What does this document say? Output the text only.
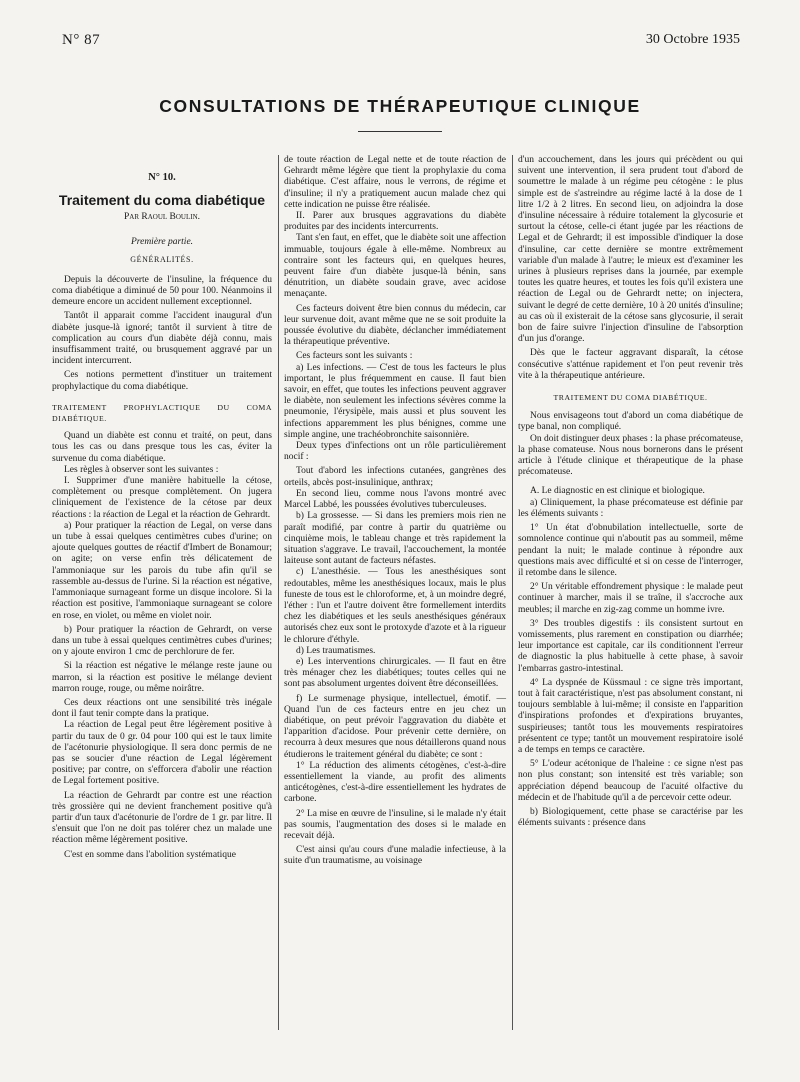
N° 87	30 Octobre 1935
CONSULTATIONS DE THÉRAPEUTIQUE CLINIQUE

N° 10.

Traitement du coma diabétique

Par Raoul Boulin.

Première partie.

GÉNÉRALITÉS.

Depuis la découverte de l'insuline, la fréquence du coma diabétique a diminué de 50 pour 100. Néanmoins il demeure encore un accident nullement exceptionnel.

Tantôt il apparait comme l'accident inaugural d'un diabète jusque-là ignoré; tantôt il survient à titre de complication au cours d'un diabète déjà connu, mais insuffisamment traité, ou brusquement aggravé par un incident intercurrent.

Ces notions permettent d'instituer un traitement prophylactique du coma diabétique.

TRAITEMENT PROPHYLACTIQUE DU COMA DIABÉTIQUE.

Quand un diabète est connu et traité, on peut, dans tous les cas ou dans presque tous les cas, éviter la survenue du coma diabétique.

Les règles à observer sont les suivantes :

I. Supprimer d'une manière habituelle la cétose, complètement ou presque complètement. On jugera cliniquement de l'existence de la cétose par deux réactions : la réaction de Legal et la réaction de Gehrardt.

a) Pour pratiquer la réaction de Legal, on verse dans un tube à essai quelques centimètres cubes d'urine; on ajoute quelques gouttes de réactif d'Imbert de Bonamour; on agite; on verse enfin très délicatement de l'ammoniaque sur les parois du tube afin qu'il se rassemble au-dessus de l'urine. Si la réaction est négative, l'ammoniaque surnageant forme un disque incolore. Si la réaction est positive, l'ammoniaque surnageant se colore en rose, en violet, ou même en violet noir.

b) Pour pratiquer la réaction de Gehrardt, on verse dans un tube à essai quelques centimètres cubes d'urines; on y ajoute environ 1 cmc de perchlorure de fer.

Si la réaction est négative le mélange reste jaune ou marron, si la réaction est positive le mélange devient marron rouge, rouge, ou même noirâtre.

Ces deux réactions ont une sensibilité très inégale dont il faut tenir compte dans la pratique.

La réaction de Legal peut être légèrement positive à partir du taux de 0 gr. 04 pour 100 qui est le taux limite de l'acétonurie physiologique. Il sera donc permis de ne pas se soucier d'une réaction de Legal légèrement positive; par contre, on s'efforcera d'abolir une réaction de Legal fortement positive.

La réaction de Gehrardt par contre est une réaction très grossière qui ne devient franchement positive qu'à partir d'un taux d'acétonurie de l'ordre de 1 gr. par litre. Il s'ensuit que l'on ne doit pas tolérer chez un malade une réaction même légèrement positive.

C'est en somme dans l'abolition systématique

de toute réaction de Legal nette et de toute réaction de Gehrardt même légère que tient la prophylaxie du coma diabétique. C'est affaire, nous le verrons, de régime et d'insuline; il n'y a pratiquement aucun malade chez qui cette indication ne puisse être réalisée.

II. Parer aux brusques aggravations du diabète produites par des incidents intercurrents.

Tant s'en faut, en effet, que le diabète soit une affection immuable, toujours égale à elle-même. Nombreux au contraire sont les facteurs qui, en quelques heures, peuvent faire d'un diabète jusque-là bénin, sans dénutrition, un diabète soudain grave, avec acidose menaçante.

Ces facteurs doivent être bien connus du médecin, car leur survenue doit, avant même que ne se soit produite la poussée évolutive du diabète, déclancher immédiatement la thérapeutique préventive.

Ces facteurs sont les suivants :

a) Les infections. — C'est de tous les facteurs le plus important, le plus fréquemment en cause. Il faut bien savoir, en effet, que toutes les infections peuvent aggraver le diabète, non seulement les infections sévères comme la pneumonie, l'érysipèle, mais aussi et plus souvent les infections apparemment les plus bénignes, comme une simple angine, une trachéobronchite saisonnière.

Deux types d'infections ont un rôle particulièrement nocif :

Tout d'abord les infections cutanées, gangrènes des orteils, abcès post-insulinique, anthrax;

En second lieu, comme nous l'avons montré avec Marcel Labbé, les poussées évolutives tuberculeuses.

b) La grossesse. — Si dans les premiers mois rien ne paraît modifié, par contre à partir du quatrième ou cinquième mois, le tableau change et très rapidement la situation s'aggrave. Le travail, l'accouchement, la montée laiteuse sont autant de facteurs néfastes.

c) L'anesthésie. — Tous les anesthésiques sont redoutables, même les anesthésiques locaux, mais le plus funeste de tous est le chloroforme, et, à un moindre degré, l'éther : l'un et l'autre doivent être formellement interdits chez les diabétiques et les seuls anesthésiques généraux autorisés chez eux sont le protoxyde d'azote et à la rigueur le chlorure d'éthyle.

d) Les traumatismes.

e) Les interventions chirurgicales. — Il faut en être très ménager chez les diabétiques; toutes celles qui ne sont pas absolument urgentes doivent être déconseillées.

f) Le surmenage physique, intellectuel, émotif. — Quand l'un de ces facteurs entre en jeu chez un diabétique, on peut prévoir l'aggravation du diabète et l'apparition d'acidose. Pour prévenir cette dernière, on recourra à deux mesures que nous détaillerons quand nous étudierons le traitement général du diabète; ce sont :

1° La réduction des aliments cétogènes, c'est-à-dire essentiellement la viande, au profit des aliments anticétogènes, c'est-à-dire essentiellement les hydrates de carbone.

2° La mise en œuvre de l'insuline, si le malade n'y était pas soumis, l'augmentation des doses si le malade en recevait déjà.

C'est ainsi qu'au cours d'une maladie infectieuse, à la suite d'un traumatisme, au voisinage

d'un accouchement, dans les jours qui précèdent ou qui suivent une intervention, il sera prudent tout d'abord de soumettre le malade à un régime peu cétogène : le plus simple est de s'astreindre au régime lacté à la dose de 1 litre 1/2 à 2 litres. En second lieu, on adjoindra la dose d'insuline nécessaire à réduire totalement la glycosurie et surtout la cétose, celle-ci étant jugée par les réactions de Legal et de Gehrardt; il est impossible d'indiquer la dose d'insuline, car cette dernière se montre extrêmement variable d'un malade à l'autre; le mieux est d'examiner les urines à plusieurs reprises dans la journée, par exemple toutes les quatre heures, et toutes les fois qu'il existera une réaction de Legal ou de Gehrardt nette; on injectera, suivant le degré de cette dernière, 10 à 20 unités d'insuline; au cas où il existerait de la cétose sans glycosurie, il serait bon de faire suivre l'injection d'insuline de l'absorption d'un jus d'orange.

Dès que le facteur aggravant disparaît, la cétose consécutive s'atténue rapidement et l'on peut revenir très vite à la thérapeutique antérieure.

TRAITEMENT DU COMA DIABÉTIQUE.

Nous envisageons tout d'abord un coma diabétique de type banal, non compliqué.

On doit distinguer deux phases : la phase précomateuse, la phase comateuse. Nous nous bornerons dans le présent article à l'étude clinique et thérapeutique de la phase précomateuse.

A. Le diagnostic en est clinique et biologique.

a) Cliniquement, la phase précomateuse est définie par les éléments suivants :

1° Un état d'obnubilation intellectuelle, sorte de somnolence continue qui n'aboutit pas au sommeil, même pendant la nuit; le malade continue à répondre aux questions mais avec difficulté et si on cesse de l'interroger, il retombe dans le silence.

2° Un véritable effondrement physique : le malade peut continuer à marcher, mais il se traîne, il s'accroche aux meubles; il marche en zig-zag comme un homme ivre.

3° Des troubles digestifs : ils consistent surtout en vomissements, plus rarement en constipation ou diarrhée; leur importance est capitale, car ils conditionnent l'erreur de diagnostic la plus habituelle à cette phase, à savoir l'embarras gastro-intestinal.

4° La dyspnée de Küssmaul : ce signe très important, tout à fait caractéristique, n'est pas absolument constant, ni toujours semblable à lui-même; il consiste en l'apparition d'inspirations profondes et d'expirations bruyantes, suspirieuses; tantôt tous les mouvements respiratoires présentent ce type; tantôt un mouvement respiratoire isolé a de temps en temps ce caractère.

5° L'odeur acétonique de l'haleine : ce signe n'est pas non plus constant; son intensité est très variable; son appréciation dépend beaucoup de l'acuité olfactive du médecin et de l'habitude qu'il a de percevoir cette odeur.

b) Biologiquement, cette phase se caractérise par les éléments suivants : présence dans
